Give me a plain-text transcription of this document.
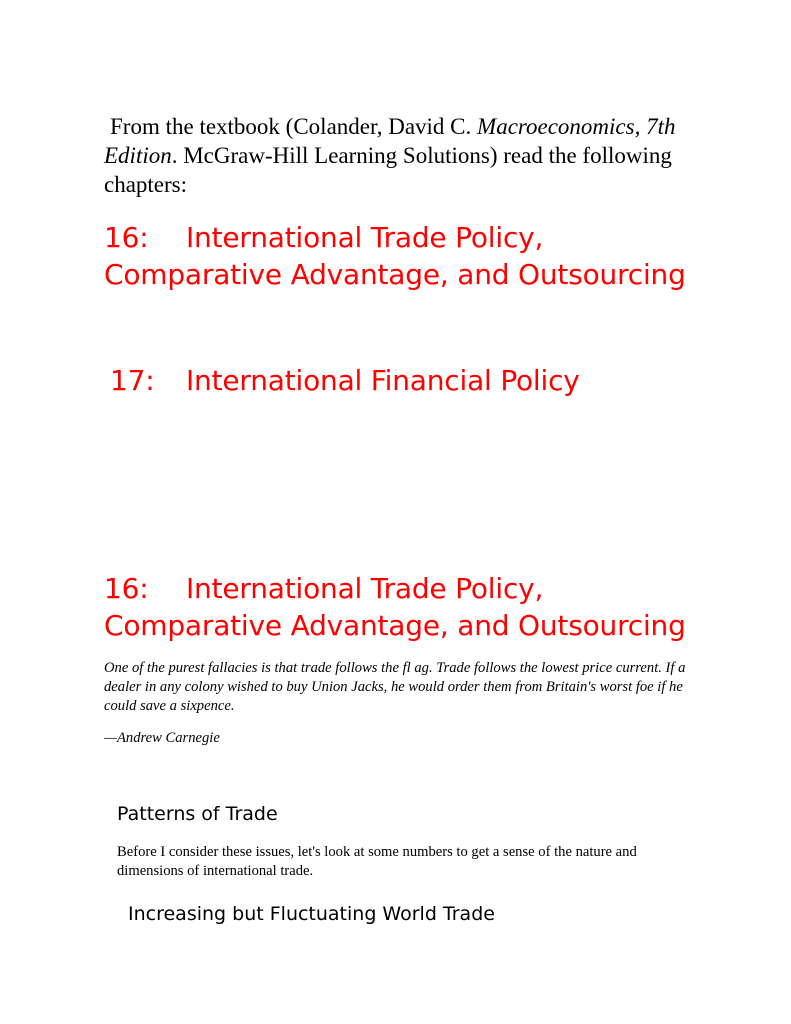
From the textbook (Colander, David C. Macroeconomics, 7th Edition. McGraw-Hill Learning Solutions) read the following chapters:

16: International Trade Policy, Comparative Advantage, and Outsourcing
17: International Financial Policy
16: International Trade Policy, Comparative Advantage, and Outsourcing

One of the purest fallacies is that trade follows the fl ag. Trade follows the lowest price current. If a dealer in any colony wished to buy Union Jacks, he would order them from Britain's worst foe if he could save a sixpence.

—Andrew Carnegie

Patterns of Trade

Before I consider these issues, let's look at some numbers to get a sense of the nature and dimensions of international trade.

Increasing but Fluctuating World Trade
